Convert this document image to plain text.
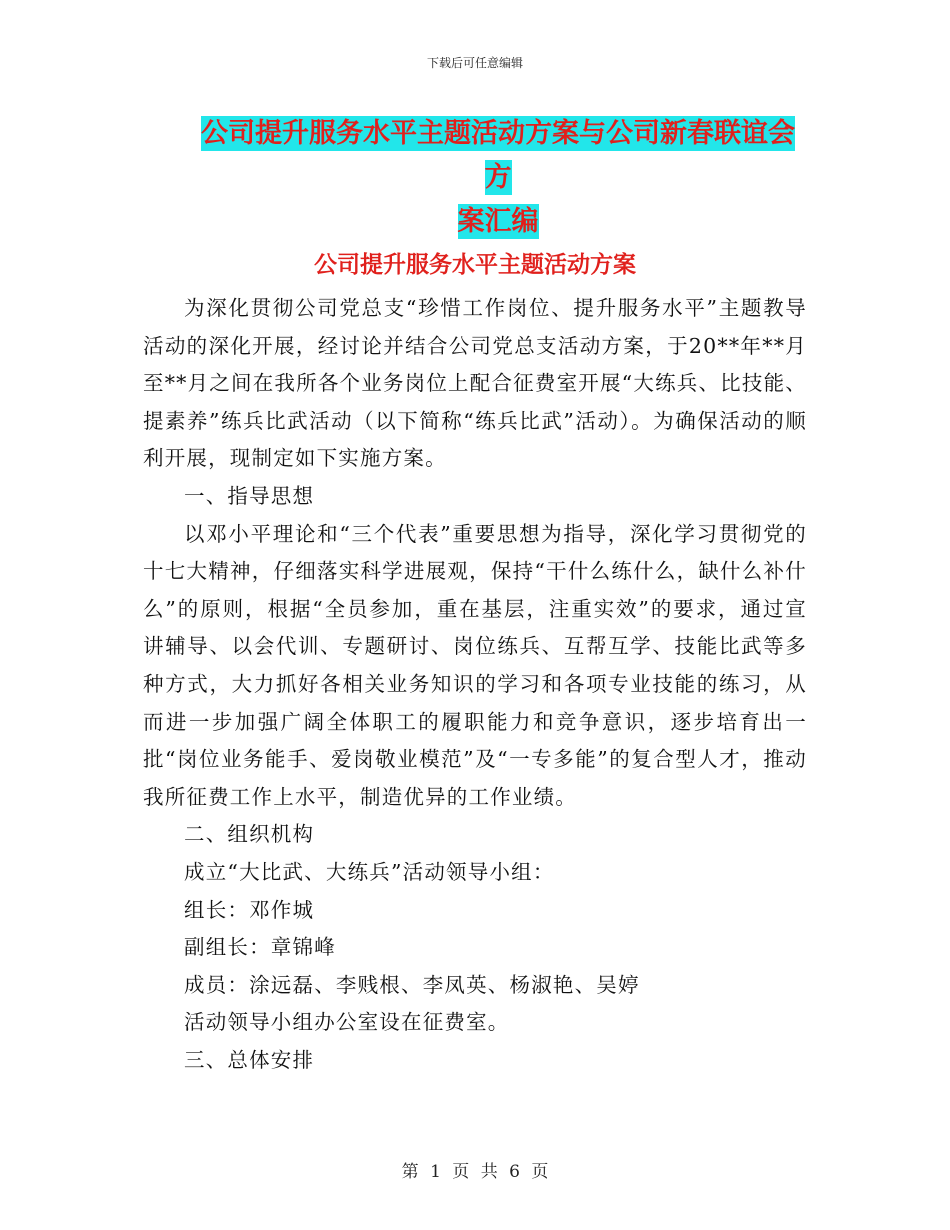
下载后可任意编辑
公司提升服务水平主题活动方案与公司新春联谊会方
案汇编
公司提升服务水平主题活动方案

为深化贯彻公司党总支“珍惜工作岗位、提升服务水平”主题教导活动的深化开展，经讨论并结合公司党总支活动方案，于20**年**月至**月之间在我所各个业务岗位上配合征费室开展“大练兵、比技能、提素养”练兵比武活动（以下简称“练兵比武”活动）。为确保活动的顺利开展，现制定如下实施方案。

一、指导思想

以邓小平理论和“三个代表”重要思想为指导，深化学习贯彻党的十七大精神，仔细落实科学进展观，保持“干什么练什么，缺什么补什么”的原则，根据“全员参加，重在基层，注重实效”的要求，通过宣讲辅导、以会代训、专题研讨、岗位练兵、互帮互学、技能比武等多种方式，大力抓好各相关业务知识的学习和各项专业技能的练习，从而进一步加强广阔全体职工的履职能力和竞争意识，逐步培育出一批“岗位业务能手、爱岗敬业模范”及“一专多能”的复合型人才，推动我所征费工作上水平，制造优异的工作业绩。

二、组织机构

成立“大比武、大练兵”活动领导小组：

组长：邓作城

副组长：章锦峰

成员：涂远磊、李贱根、李凤英、杨淑艳、吴婷

活动领导小组办公室设在征费室。

三、总体安排

第 1 页 共 6 页
